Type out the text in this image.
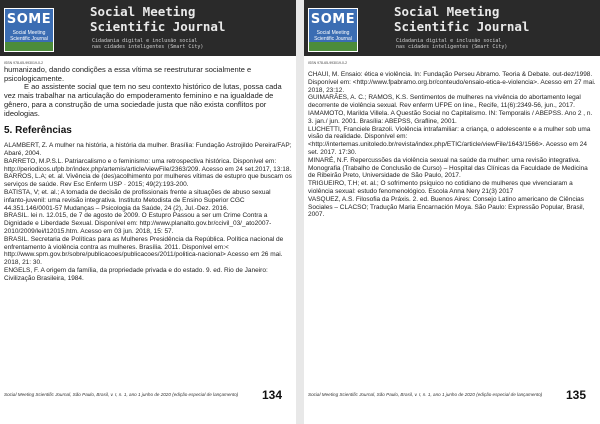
SOME
Social Meeting
Scientific Journal
Social Meeting
Scientific Journal
Cidadania digital e inclusão social
nas cidades inteligentes (Smart City)
ISSN 978-65-993019-0-2

humanizado, dando condições a essa vítima se reestruturar socialmente e psicologicamente.

E ao assistente social que tem no seu contexto histórico de lutas, possa cada vez mais trabalhar na articulação do empoderamento feminino e na igualdade de gênero, para a construção de uma sociedade justa que não exista conflitos por ideologias.

5. Referências

ALAMBERT, Z. A mulher na história, a história da mulher. Brasília: Fundação Astrojildo Pereira/FAP; Abaré, 2004.

BARRETO, M.P.S.L. Patriarcalismo e o feminismo: uma retrospectiva histórica. Disponível em: http://periodicos.ufpb.br/index.php/artemis/article/viewFile/2363/209. Acesso em 24 set.2017, 13:18.

BARROS, L.A; et. al. Vivência de (des)acolhimento por mulheres vítimas de estupro que buscam os serviços de saúde. Rev Esc Enferm USP · 2015; 49(2):193-200.

BATISTA, V; et. al.; A tomada de decisão de profissionais frente a situações de abuso sexual infanto-juvenil: uma revisão integrativa. Instituto Metodista de Ensino Superior CGC 44.351.146/0001-57 Mudanças – Psicologia da Saúde, 24 (2), Jul.-Dez. 2016.

BRASIL. lei n. 12.015, de 7 de agosto de 2009. O Estupro Passou a ser um Crime Contra a Dignidade e Liberdade Sexual. Disponível em: http://www.planalto.gov.br/ccivil_03/_ato2007-2010/2009/lei/l12015.htm. Acesso em 03 jun. 2018, 15: 57.

BRASIL. Secretaria de Políticas para as Mulheres Presidência da República. Política nacional de enfrentamento à violência contra as mulheres. Brasília. 2011. Disponível em:< http://www.spm.gov.br/sobre/publicacoes/publicacoes/2011/politica-nacional> Acesso em 26 mai. 2018, 21: 30.

ENGELS, F. A origem da família, da propriedade privada e do estado. 9. ed. Rio de Janeiro: Civilização Brasileira, 1984.

Social Meeting Scientific Journal, São Paulo, Brasil, v. I, n. 1, ano 1 junho de 2020 (edição especial de lançamento)	134
SOME
Social Meeting
Scientific Journal
Social Meeting
Scientific Journal
Cidadania digital e inclusão social
nas cidades inteligentes (Smart City)
ISSN 978-65-993019-0-2

CHAUÍ, M. Ensaio: ética e violência. In: Fundação Perseu Abramo. Teoria & Debate. out-dez/1998. Disponível em: <http://www.fpabramo.org.br/conteudo/ensaio-etica-e-violencia>. Acesso em 27 mai. 2018, 23:12.

GUIMARÃES, A. C.; RAMOS, K.S. Sentimentos de mulheres na vivência do abortamento legal decorrente de violência sexual. Rev enferm UFPE on line., Recife, 11(6):2349-56, jun., 2017.

IAMAMOTO, Marilda Villela. A Questão Social no Capitalismo. IN: Temporalis / ABEPSS. Ano 2 , n. 3. jan./ jun. 2001. Brasília: ABEPSS, Grafline, 2001.

LUCHETTI, Franciele Brazoli. Violência intrafamiliar: a criança, o adolescente e a mulher sob uma visão da realidade. Disponível em: <http://intertemas.unitoledo.br/revista/index.php/ETIC/article/viewFile/1643/1566>. Acesso em 24 set. 2017. 17:30.

MINARÉ, N.F. Repercussões da violência sexual na saúde da mulher: uma revisão integrativa. Monografia (Trabalho de Conclusão de Curso) – Hospital das Clínicas da Faculdade de Medicina de Ribeirão Preto, Universidade de São Paulo, 2017.

TRIGUEIRO, T.H; et. al.; O sofrimento psíquico no cotidiano de mulheres que vivenciaram a violência sexual: estudo fenomenológico. Escola Anna Nery 21(3) 2017

VASQUEZ, A.S. Filosofia da Práxis. 2. ed. Buenos Aires: Consejo Latino americano de Ciências Sociales – CLACSO; Tradução Maria Encarnación Moya. São Paulo: Expressão Popular, Brasil, 2007.

Social Meeting Scientific Journal, São Paulo, Brasil, v. I, n. 1, ano 1 junho de 2020 (edição especial de lançamento)	135
